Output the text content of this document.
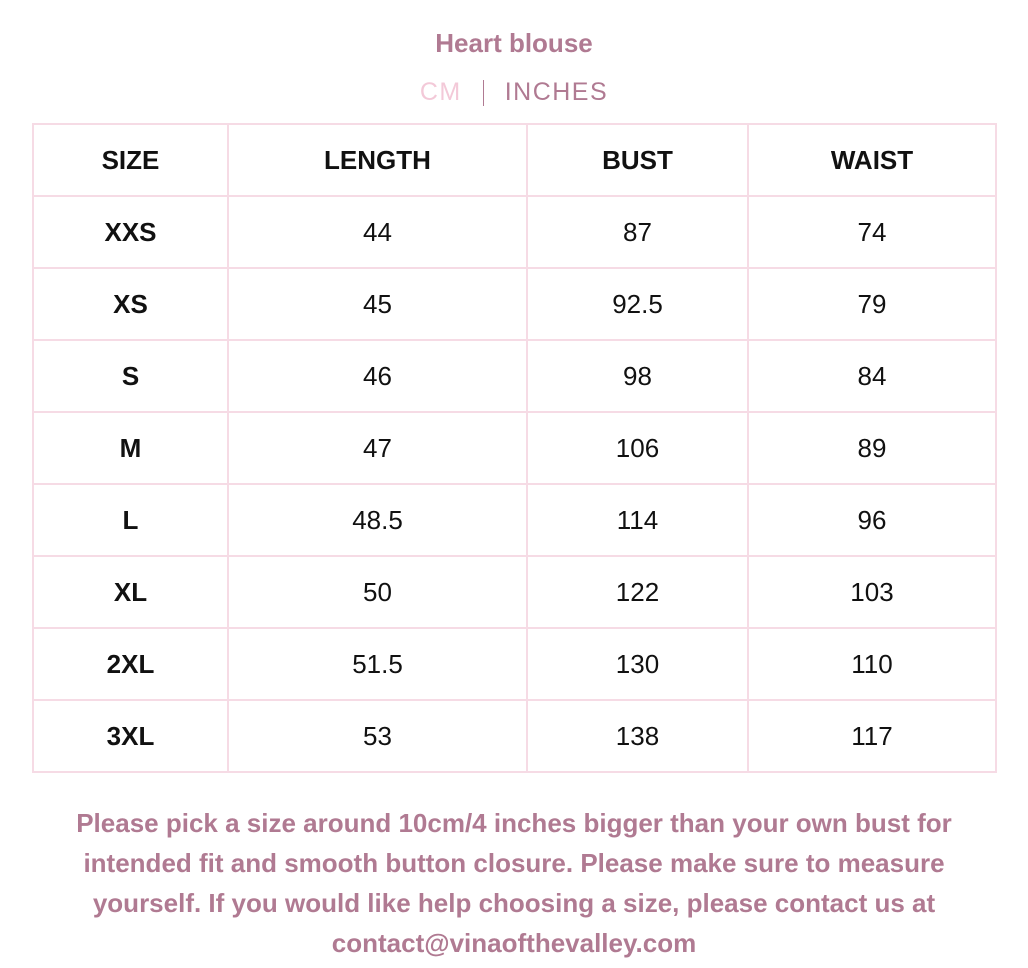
Heart blouse
CM INCHES
SIZE	LENGTH	BUST	WAIST
XXS	44	87	74
XS	45	92.5	79
S	46	98	84
M	47	106	89
L	48.5	114	96
XL	50	122	103
2XL	51.5	130	110
3XL	53	138	117
Please pick a size around 10cm/4 inches bigger than your own bust for
intended fit and smooth button closure. Please make sure to measure
yourself. If you would like help choosing a size, please contact us at
contact@vinaofthevalley.com
